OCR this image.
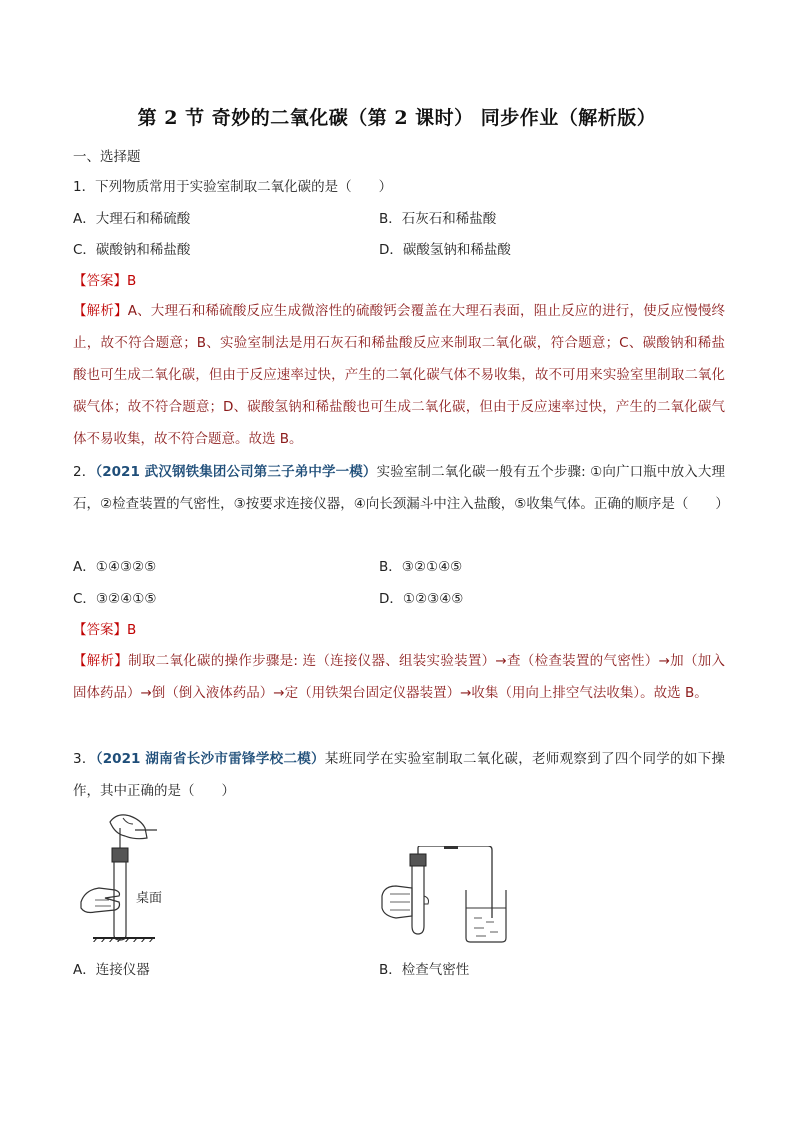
第 2 节 奇妙的二氧化碳（第 2 课时） 同步作业（解析版）
一、选择题
1．下列物质常用于实验室制取二氧化碳的是（　　）
A．大理石和稀硫酸	B．石灰石和稀盐酸
C．碳酸钠和稀盐酸	D．碳酸氢钠和稀盐酸
【答案】B
【解析】A、大理石和稀硫酸反应生成微溶性的硫酸钙会覆盖在大理石表面，阻止反应的进行，使反应慢慢终止，故不符合题意；B、实验室制法是用石灰石和稀盐酸反应来制取二氧化碳，符合题意；C、碳酸钠和稀盐酸也可生成二氧化碳，但由于反应速率过快，产生的二氧化碳气体不易收集，故不可用来实验室里制取二氧化碳气体；故不符合题意；D、碳酸氢钠和稀盐酸也可生成二氧化碳，但由于反应速率过快，产生的二氧化碳气体不易收集，故不符合题意。故选 B。
2．（2021 武汉钢铁集团公司第三子弟中学一模）实验室制二氧化碳一般有五个步骤: ①向广口瓶中放入大理石，②检查装置的气密性，③按要求连接仪器，④向长颈漏斗中注入盐酸，⑤收集气体。正确的顺序是（　　）
A．①④③②⑤	B．③②①④⑤
C．③②④①⑤	D．①②③④⑤
【答案】B
【解析】制取二氧化碳的操作步骤是: 连（连接仪器、组装实验装置）→查（检查装置的气密性）→加（加入固体药品）→倒（倒入液体药品）→定（用铁架台固定仪器装置）→收集（用向上排空气法收集）。故选 B。
3．（2021 湖南省长沙市雷锋学校二模）某班同学在实验室制取二氧化碳，老师观察到了四个同学的如下操作，其中正确的是（　　）
桌面
A．连接仪器	B．检查气密性
